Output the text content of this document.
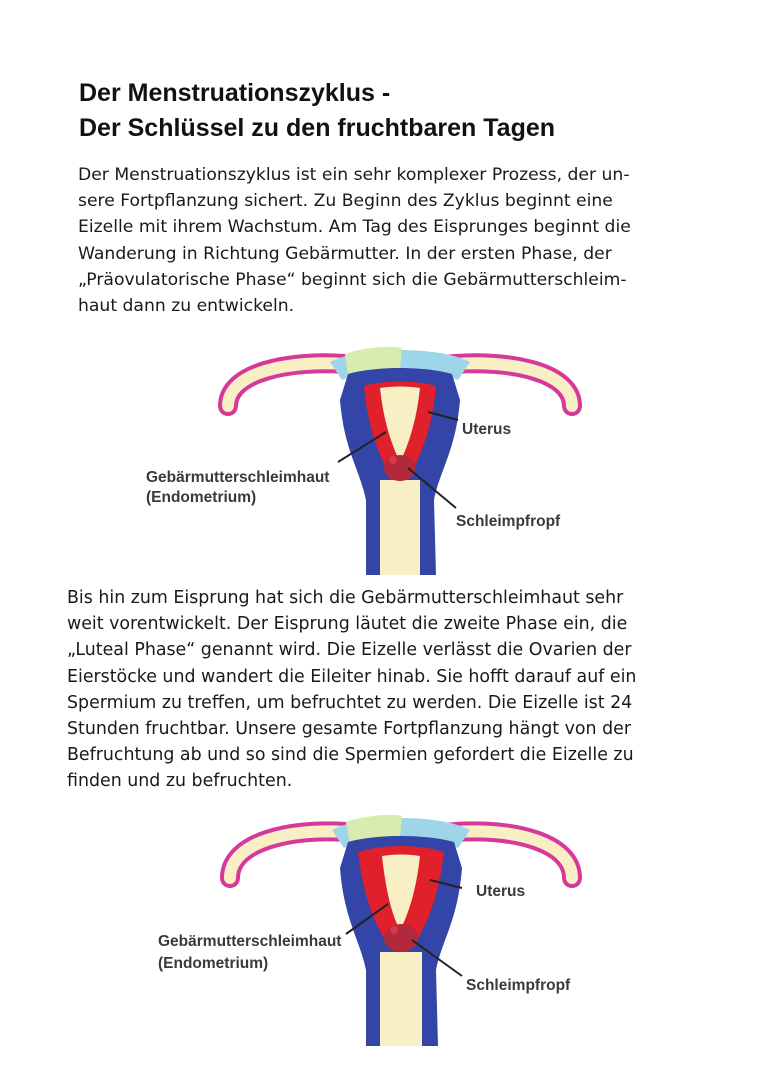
Der Menstruationszyklus -
Der Schlüssel zu den fruchtbaren Tagen
Der Menstruationszyklus ist ein sehr komplexer Prozess, der un-
sere Fortpflanzung sichert. Zu Beginn des Zyklus beginnt eine
Eizelle mit ihrem Wachstum. Am Tag des Eisprunges beginnt die
Wanderung in Richtung Gebärmutter. In der ersten Phase, der
„Präovulatorische Phase“ beginnt sich die Gebärmutterschleim-
haut dann zu entwickeln.
Uterus
Gebärmutterschleimhaut
(Endometrium)
Schleimpfropf
Bis hin zum Eisprung hat sich die Gebärmutterschleimhaut sehr
weit vorentwickelt. Der Eisprung läutet die zweite Phase ein, die
„Luteal Phase“ genannt wird. Die Eizelle verlässt die Ovarien der
Eierstöcke und wandert die Eileiter hinab. Sie hofft darauf auf ein
Spermium zu treffen, um befruchtet zu werden. Die Eizelle ist 24
Stunden fruchtbar. Unsere gesamte Fortpflanzung hängt von der
Befruchtung ab und so sind die Spermien gefordert die Eizelle zu
finden und zu befruchten.
Uterus
Gebärmutterschleimhaut
(Endometrium)
Schleimpfropf
